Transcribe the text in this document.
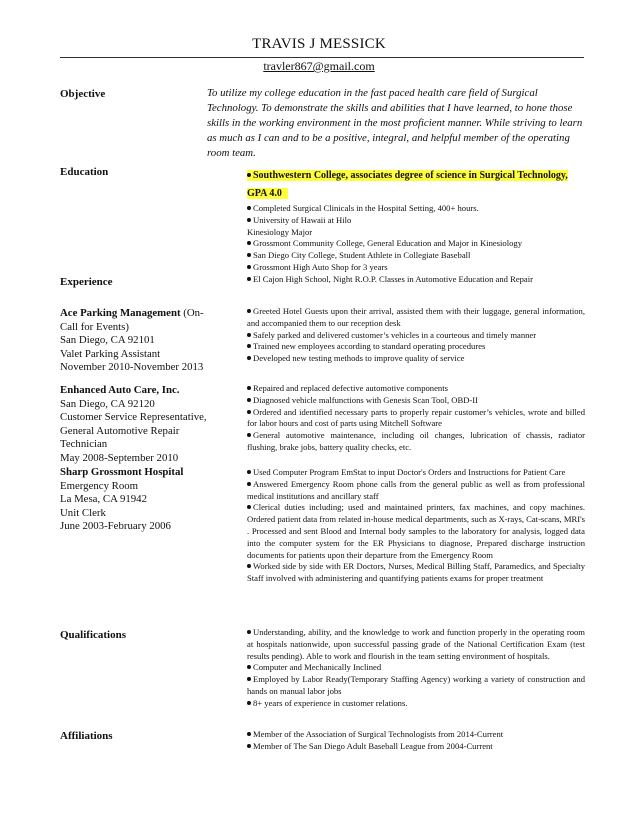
TRAVIS J MESSICK
travler867@gmail.com
Objective	To utilize my college education in the fast paced health care field of Surgical Technology. To demonstrate the skills and abilities that I have learned, to hone those skills in the working environment in the most proficient manner. While striving to learn as much as I can and to be a positive, integral, and helpful member of the operating room team.
Education	Southwestern College, associates degree of science in Surgical Technology, GPA 4.0
Completed Surgical Clinicals in the Hospital Setting, 400+ hours.
University of Hawaii at Hilo
Kinesiology Major
Grossmont Community College, General Education and Major in Kinesiology
San Diego City College, Student Athlete in Collegiate Baseball
Grossmont High Auto Shop for 3 years
El Cajon High School, Night R.O.P. Classes in Automotive Education and Repair
Experience
Ace Parking Management (On-Call for Events)
San Diego, CA 92101
Valet Parking Assistant
November 2010-November 2013
Greeted Hotel Guests upon their arrival, assisted them with their luggage, general information, and accompanied them to our reception desk
Safely parked and delivered customer’s vehicles in a courteous and timely manner
Trained new employees according to standard operating procedures
Developed new testing methods to improve quality of service
Enhanced Auto Care, Inc.
San Diego, CA 92120
Customer Service Representative, General Automotive Repair Technician
May 2008-September 2010
Repaired and replaced defective automotive components
Diagnosed vehicle malfunctions with Genesis Scan Tool, OBD-II
Ordered and identified necessary parts to properly repair customer’s vehicles, wrote and billed for labor hours and cost of parts using Mitchell Software
General automotive maintenance, including oil changes, lubrication of chassis, radiator flushing, brake jobs, battery quality checks, etc.
Sharp Grossmont Hospital
Emergency Room
La Mesa, CA 91942
Unit Clerk
June 2003-February 2006
Used Computer Program EmStat to input Doctor's Orders and Instructions for Patient Care
Answered Emergency Room phone calls from the general public as well as from professional medical institutions and ancillary staff
Clerical duties including; used and maintained printers, fax machines, and copy machines. Ordered patient data from related in-house medical departments, such as X-rays, Cat-scans, MRI's . Processed and sent Blood and Internal body samples to the laboratory for analysis, logged data into the computer system for the ER Physicians to diagnose, Prepared discharge instruction documents for patients upon their departure from the Emergency Room
Worked side by side with ER Doctors, Nurses, Medical Billing Staff, Paramedics, and Specialty Staff involved with administering and quantifying patients exams for proper treatment
Qualifications	Understanding, ability, and the knowledge to work and function properly in the operating room at hospitals nationwide, upon successful passing grade of the National Certification Exam (test results pending). Able to work and flourish in the team setting environment of hospitals.
Computer and Mechanically Inclined
Employed by Labor Ready(Temporary Staffing Agency) working a variety of construction and hands on manual labor jobs
8+ years of experience in customer relations.
Affiliations	Member of the Association of Surgical Technologists from 2014-Current
Member of The San Diego Adult Baseball League from 2004-Current
